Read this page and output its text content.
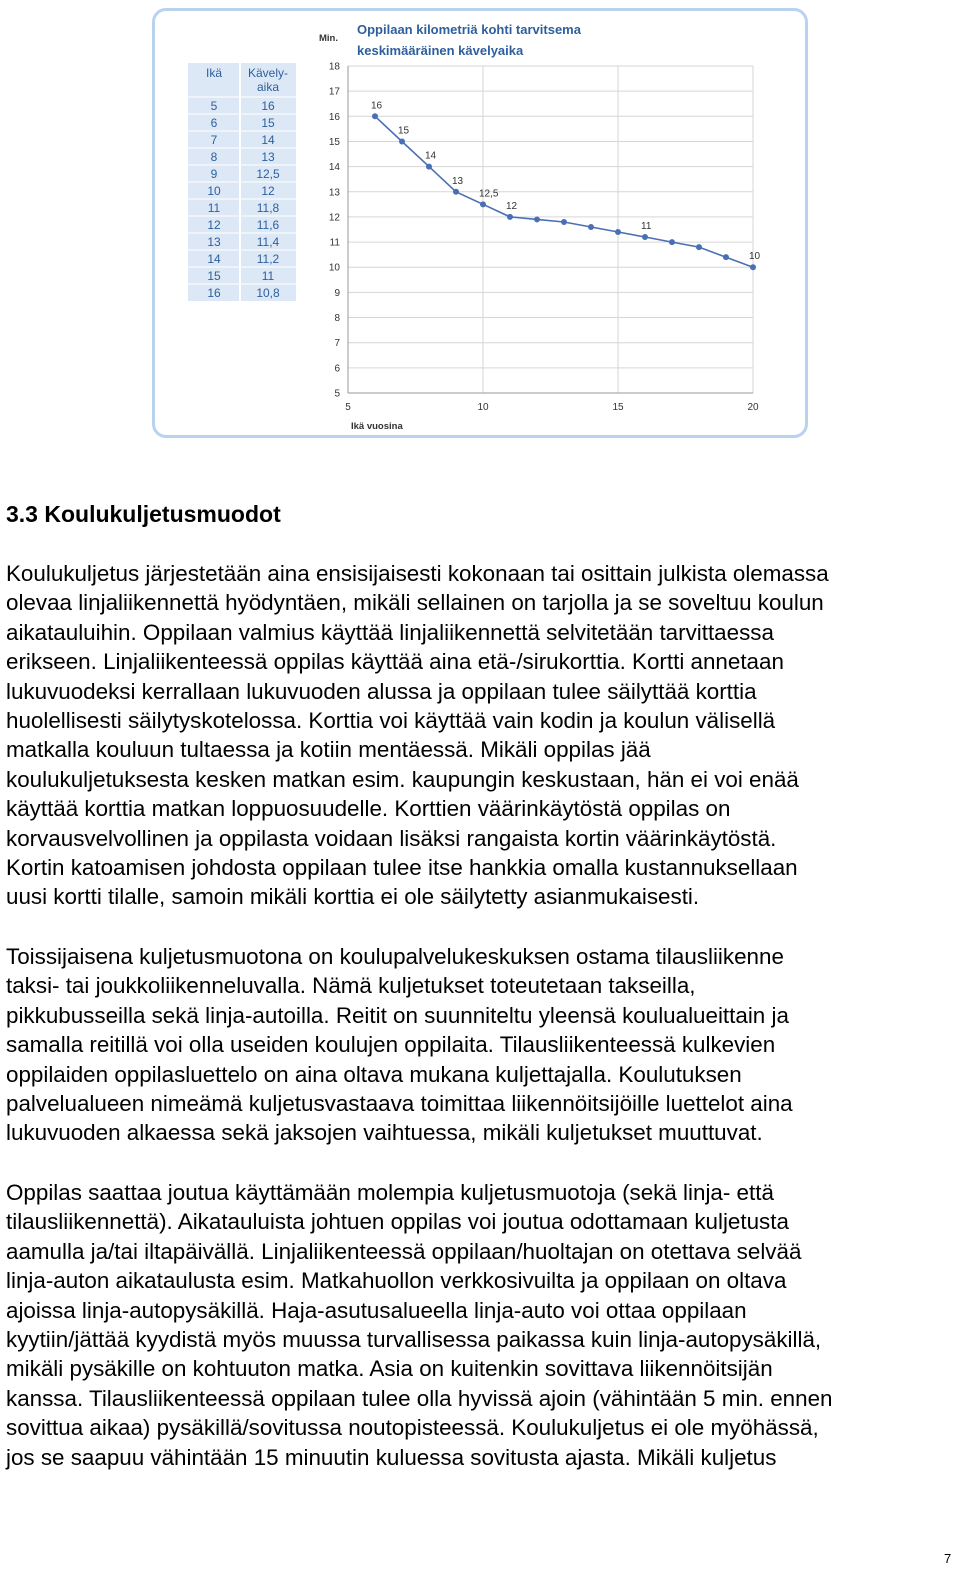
Ikä Kävely-
aika
5	16
6	15
7	14
8	13
9	12,5
10	12
11	11,8
12	11,6
13	11,4
14	11,2
15	11
16	10,8
5
6
7
8
9
10
11
12
13
14
15
16
17
18
5	10	15	20
16
15
14
13
12,5
12
11
10
Oppilaan kilometriä kohti tarvitsema
keskimääräinen kävelyaika
Min.
Ikä vuosina
3.3 Koulukuljetusmuodot
Koulukuljetus järjestetään aina ensisijaisesti kokonaan tai osittain julkista olemassa
olevaa linjaliikennettä hyödyntäen, mikäli sellainen on tarjolla ja se soveltuu koulun
aikatauluihin. Oppilaan valmius käyttää linjaliikennettä selvitetään tarvittaessa
erikseen. Linjaliikenteessä oppilas käyttää aina etä-/sirukorttia. Kortti annetaan
lukuvuodeksi kerrallaan lukuvuoden alussa ja oppilaan tulee säilyttää korttia
huolellisesti säilytyskotelossa. Korttia voi käyttää vain kodin ja koulun välisellä
matkalla kouluun tultaessa ja kotiin mentäessä. Mikäli oppilas jää
koulukuljetuksesta kesken matkan esim. kaupungin keskustaan, hän ei voi enää
käyttää korttia matkan loppuosuudelle. Korttien väärinkäytöstä oppilas on
korvausvelvollinen ja oppilasta voidaan lisäksi rangaista kortin väärinkäytöstä.
Kortin katoamisen johdosta oppilaan tulee itse hankkia omalla kustannuksellaan
uusi kortti tilalle, samoin mikäli korttia ei ole säilytetty asianmukaisesti.
Toissijaisena kuljetusmuotona on koulupalvelukeskuksen ostama tilausliikenne
taksi- tai joukkoliikenneluvalla. Nämä kuljetukset toteutetaan takseilla,
pikkubusseilla sekä linja-autoilla. Reitit on suunniteltu yleensä koulualueittain ja
samalla reitillä voi olla useiden koulujen oppilaita. Tilausliikenteessä kulkevien
oppilaiden oppilasluettelo on aina oltava mukana kuljettajalla. Koulutuksen
palvelualueen nimeämä kuljetusvastaava toimittaa liikennöitsijöille luettelot aina
lukuvuoden alkaessa sekä jaksojen vaihtuessa, mikäli kuljetukset muuttuvat.
Oppilas saattaa joutua käyttämään molempia kuljetusmuotoja (sekä linja- että
tilausliikennettä). Aikatauluista johtuen oppilas voi joutua odottamaan kuljetusta
aamulla ja/tai iltapäivällä. Linjaliikenteessä oppilaan/huoltajan on otettava selvää
linja-auton aikataulusta esim. Matkahuollon verkkosivuilta ja oppilaan on oltava
ajoissa linja-autopysäkillä. Haja-asutusalueella linja-auto voi ottaa oppilaan
kyytiin/jättää kyydistä myös muussa turvallisessa paikassa kuin linja-autopysäkillä,
mikäli pysäkille on kohtuuton matka. Asia on kuitenkin sovittava liikennöitsijän
kanssa. Tilausliikenteessä oppilaan tulee olla hyvissä ajoin (vähintään 5 min. ennen
sovittua aikaa) pysäkillä/sovitussa noutopisteessä. Koulukuljetus ei ole myöhässä,
jos se saapuu vähintään 15 minuutin kuluessa sovitusta ajasta. Mikäli kuljetus
7
